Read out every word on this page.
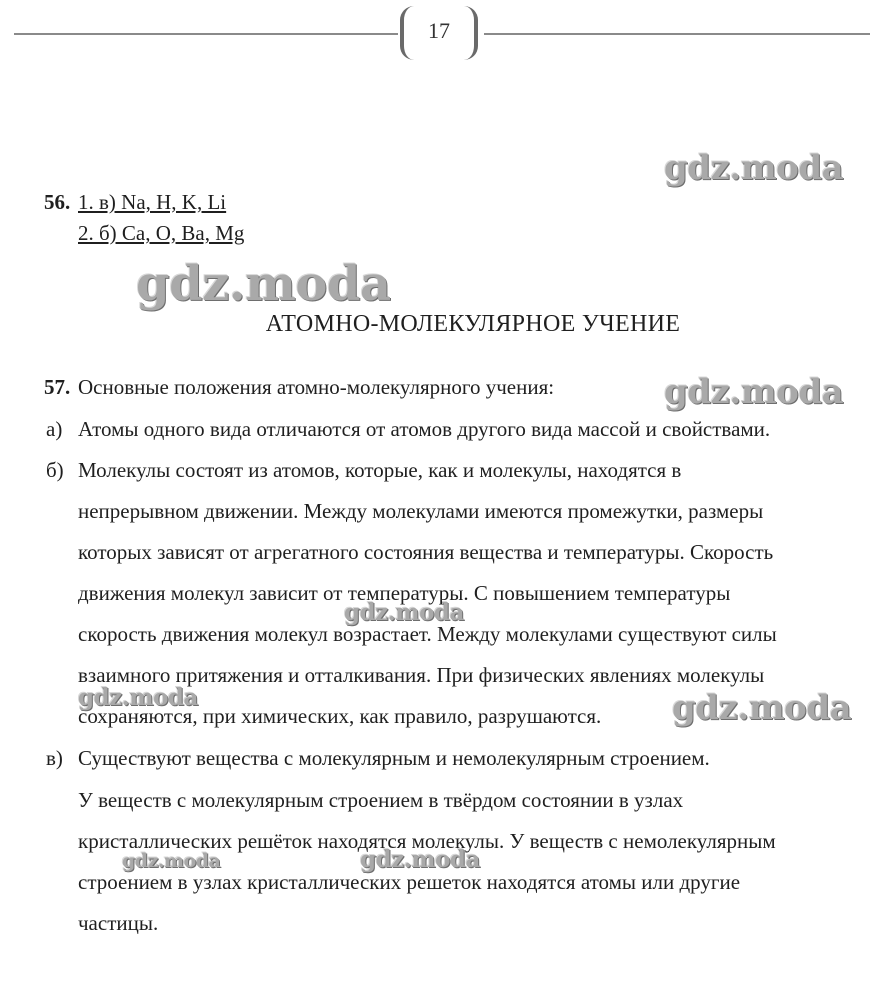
17
gdz.moda
gdz.moda
gdz.moda
gdz.moda
gdz.moda	gdz.moda
gdz.moda	gdz.moda
56. 1. в) Na, H, K, Li
2. б) Ca, O, Ba, Mg
АТОМНО-МОЛЕКУЛЯРНОЕ УЧЕНИЕ
57. Основные положения атомно-молекулярного учения:
а) Атомы одного вида отличаются от атомов другого вида массой и свойствами.
б) Молекулы состоят из атомов, которые, как и молекулы, находятся в
непрерывном движении. Между молекулами имеются промежутки, размеры
которых зависят от агрегатного состояния вещества и температуры. Скорость
движения молекул зависит от температуры. С повышением температуры
скорость движения молекул возрастает. Между молекулами существуют силы
взаимного притяжения и отталкивания. При физических явлениях молекулы
сохраняются, при химических, как правило, разрушаются.
в) Существуют вещества с молекулярным и немолекулярным строением.
У веществ с молекулярным строением в твёрдом состоянии в узлах
кристаллических решёток находятся молекулы. У веществ с немолекулярным
строением в узлах кристаллических решеток находятся атомы или другие
частицы.
